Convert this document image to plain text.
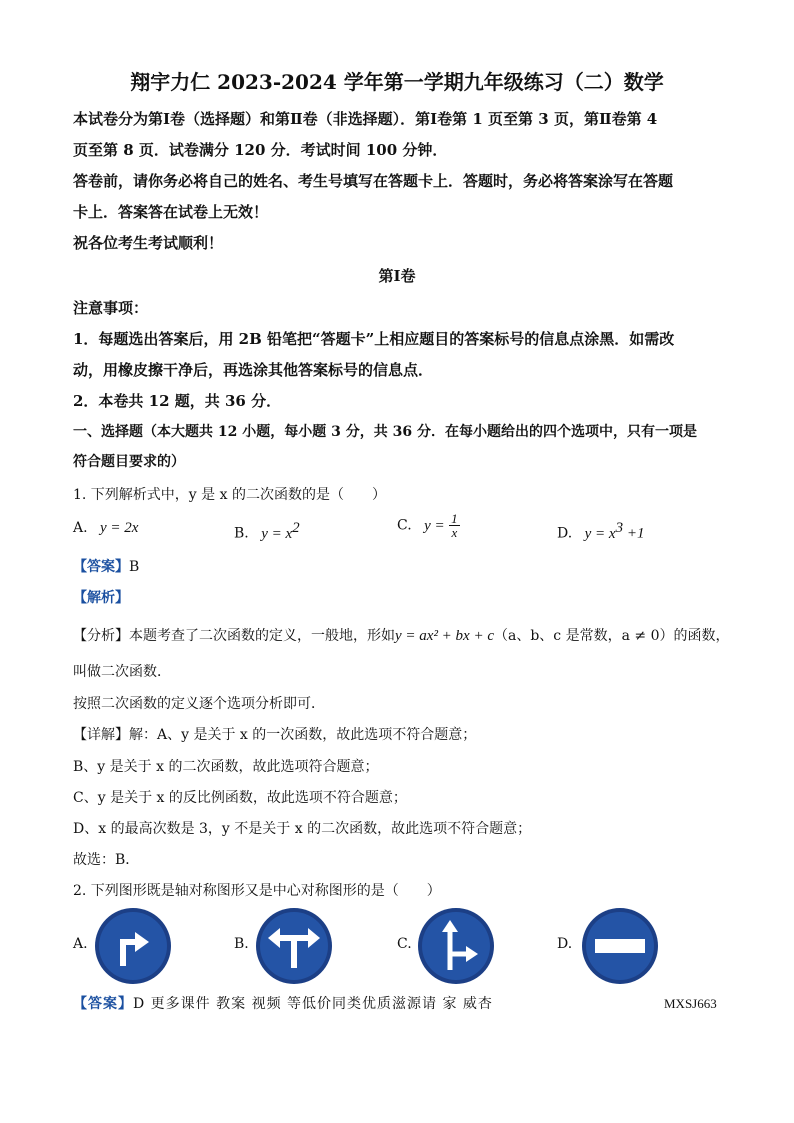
翔宇力仁 2023-2024 学年第一学期九年级练习（二）数学
本试卷分为第Ⅰ卷（选择题）和第Ⅱ卷（非选择题）．第Ⅰ卷第 1 页至第 3 页，第Ⅱ卷第 4
页至第 8 页．试卷满分 120 分．考试时间 100 分钟．
答卷前，请你务必将自己的姓名、考生号填写在答题卡上．答题时，务必将答案涂写在答题
卡上．答案答在试卷上无效！
祝各位考生考试顺利！
第Ⅰ卷
注意事项：
1．每题选出答案后，用 2B 铅笔把“答题卡”上相应题目的答案标号的信息点涂黑．如需改
动，用橡皮擦干净后，再选涂其他答案标号的信息点．
2．本卷共 12 题，共 36 分．
一、选择题（本大题共 12 小题，每小题 3 分，共 36 分．在每小题给出的四个选项中，只有一项是
符合题目要求的）
1. 下列解析式中，y 是 x 的二次函数的是（　　）
A. y = 2x	B. $y = x^2$	C. $y = \frac{1}{x}$	D. $y = x^3 +1$
【答案】B
【解析】
【分析】本题考查了二次函数的定义，一般地，形如y = ax² + bx + c（a、b、c 是常数，a ≠ 0）的函数，
叫做二次函数．
按照二次函数的定义逐个选项分析即可．
【详解】解：A、y 是关于 x 的一次函数，故此选项不符合题意；
B、y 是关于 x 的二次函数，故此选项符合题意；
C、y 是关于 x 的反比例函数，故此选项不符合题意；
D、x 的最高次数是 3，y 不是关于 x 的二次函数，故此选项不符合题意；
故选：B．
2. 下列图形既是轴对称图形又是中心对称图形的是（　　）
A.	B.	C.	D.
【答案】D 更多课件 教案 视频 等低价同类优质滋源请 家 威杏	MXSJ663
